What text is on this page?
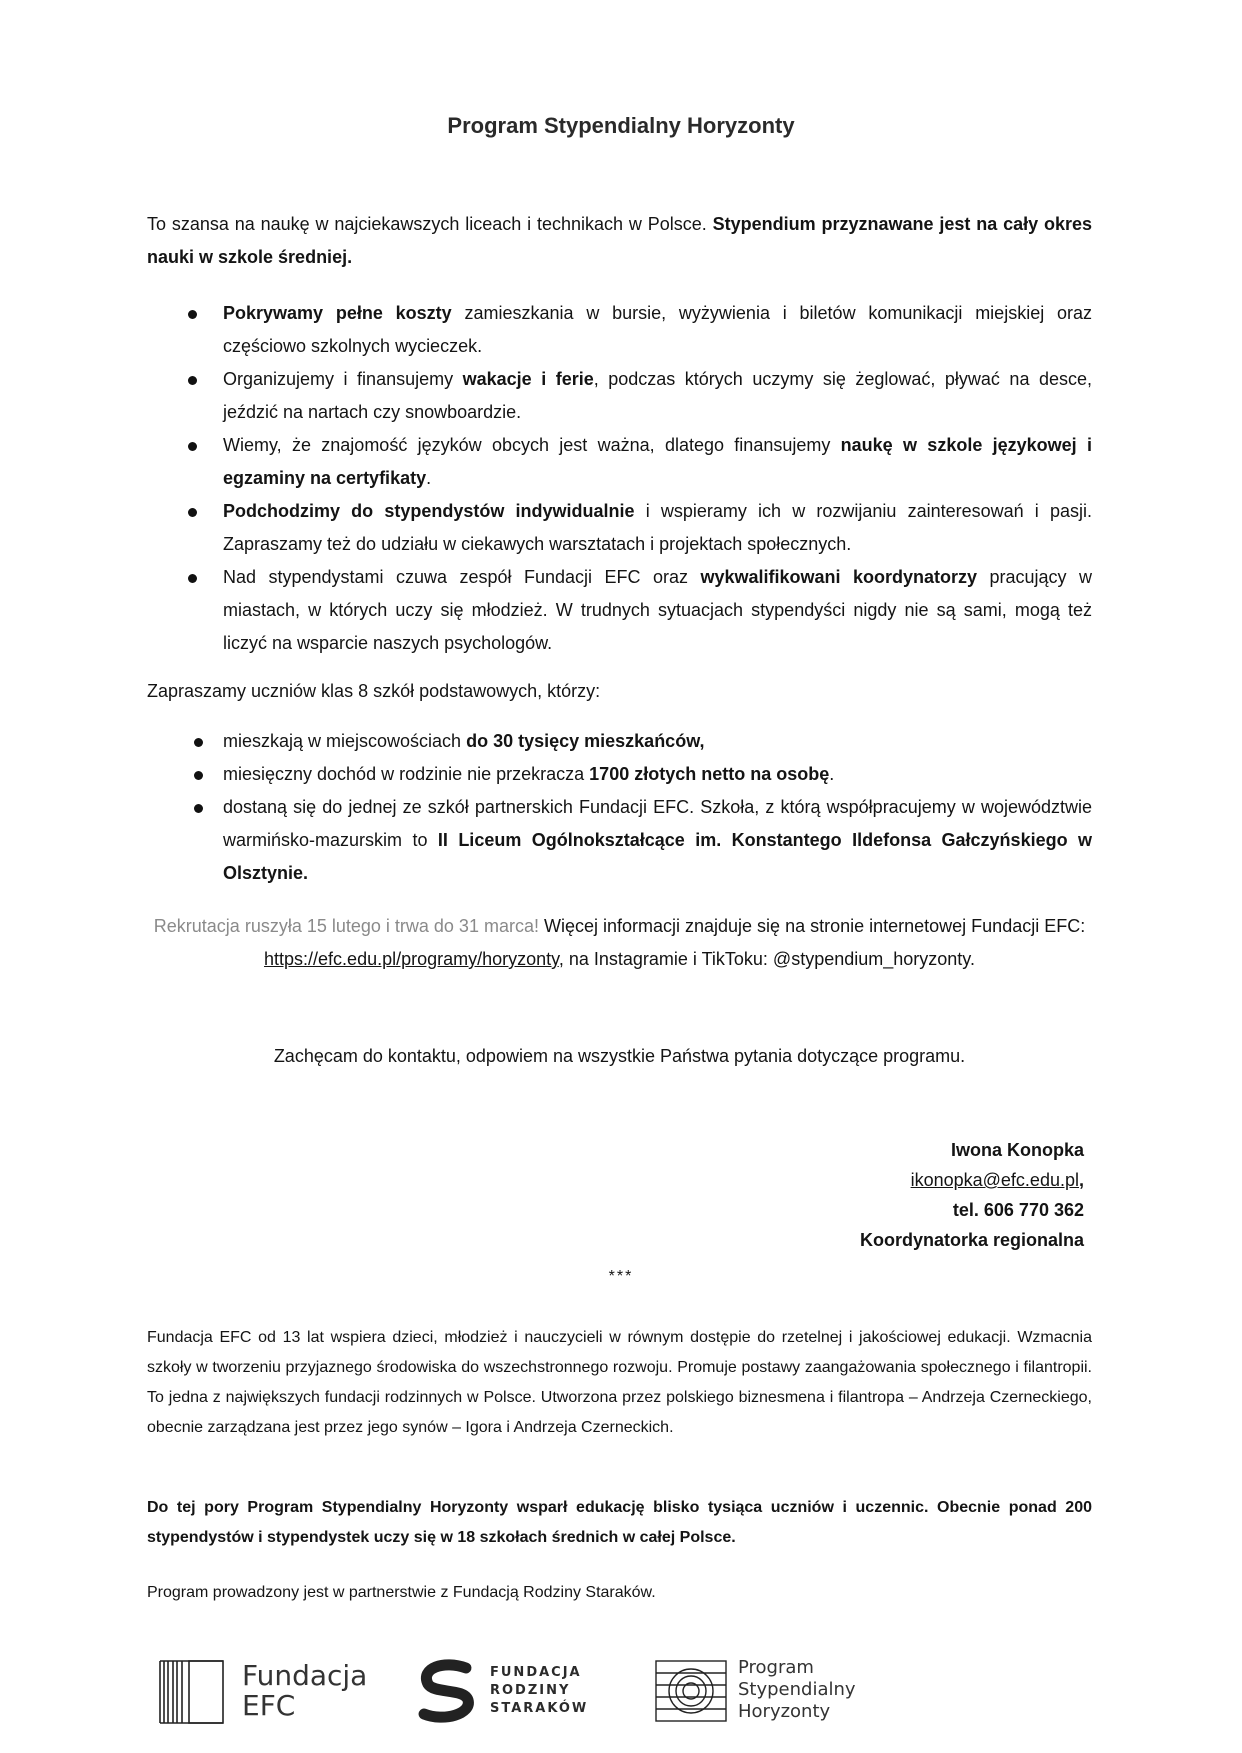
Program Stypendialny Horyzonty

To szansa na naukę w najciekawszych liceach i technikach w Polsce. Stypendium przyznawane jest na cały okres nauki w szkole średniej.

Pokrywamy pełne koszty zamieszkania w bursie, wyżywienia i biletów komunikacji miejskiej oraz częściowo szkolnych wycieczek.
Organizujemy i finansujemy wakacje i ferie, podczas których uczymy się żeglować, pływać na desce, jeździć na nartach czy snowboardzie.
Wiemy, że znajomość języków obcych jest ważna, dlatego finansujemy naukę w szkole językowej i egzaminy na certyfikaty.
Podchodzimy do stypendystów indywidualnie i wspieramy ich w rozwijaniu zainteresowań i pasji. Zapraszamy też do udziału w ciekawych warsztatach i projektach społecznych.
Nad stypendystami czuwa zespół Fundacji EFC oraz wykwalifikowani koordynatorzy pracujący w miastach, w których uczy się młodzież. W trudnych sytuacjach stypendyści nigdy nie są sami, mogą też liczyć na wsparcie naszych psychologów.

Zapraszamy uczniów klas 8 szkół podstawowych, którzy:

mieszkają w miejscowościach do 30 tysięcy mieszkańców,
miesięczny dochód w rodzinie nie przekracza 1700 złotych netto na osobę.
dostaną się do jednej ze szkół partnerskich Fundacji EFC. Szkoła, z którą współpracujemy w województwie warmińsko-mazurskim to II Liceum Ogólnokształcące im. Konstantego Ildefonsa Gałczyńskiego w Olsztynie.
Rekrutacja ruszyła 15 lutego i trwa do 31 marca! Więcej informacji znajduje się na stronie internetowej Fundacji EFC: https://efc.edu.pl/programy/horyzonty, na Instagramie i TikToku: @stypendium_horyzonty.
Zachęcam do kontaktu, odpowiem na wszystkie Państwa pytania dotyczące programu.
Iwona Konopka
ikonopka@efc.edu.pl,
tel. 606 770 362
Koordynatorka regionalna
***

Fundacja EFC od 13 lat wspiera dzieci, młodzież i nauczycieli w równym dostępie do rzetelnej i jakościowej edukacji. Wzmacnia szkoły w tworzeniu przyjaznego środowiska do wszechstronnego rozwoju. Promuje postawy zaangażowania społecznego i filantropii. To jedna z największych fundacji rodzinnych w Polsce. Utworzona przez polskiego biznesmena i filantropa – Andrzeja Czerneckiego, obecnie zarządzana jest przez jego synów – Igora i Andrzeja Czerneckich.

Do tej pory Program Stypendialny Horyzonty wsparł edukację blisko tysiąca uczniów i uczennic. Obecnie ponad 200 stypendystów i stypendystek uczy się w 18 szkołach średnich w całej Polsce.

Program prowadzony jest w partnerstwie z Fundacją Rodziny Staraków.

Fundacja
EFC
FUNDACJA
RODZINY
STARAKÓW
Program
Stypendialny
Horyzonty
